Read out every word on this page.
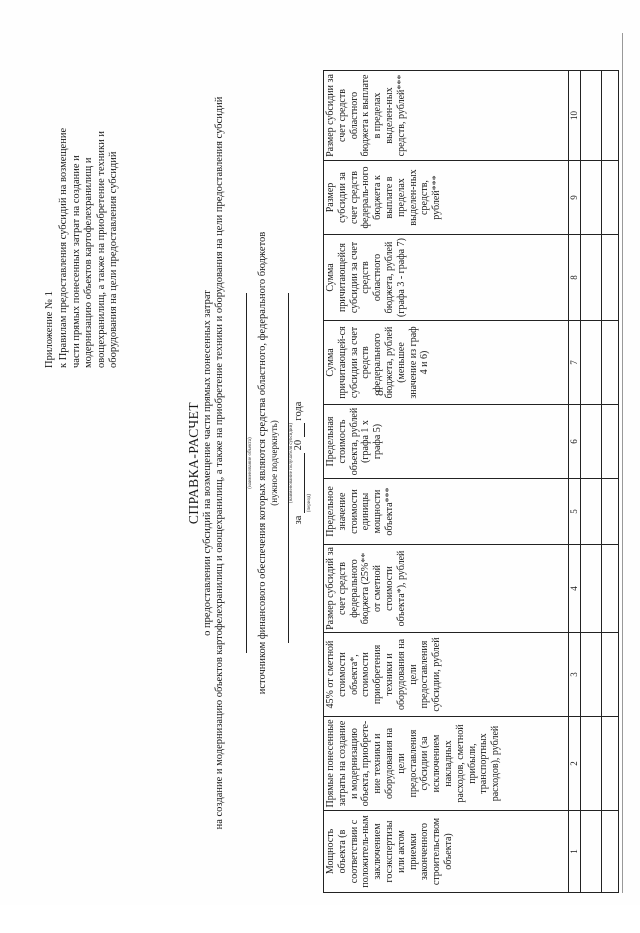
8
Приложение № 1 к Правилам предоставления субсидий на возмещение части прямых понесенных затрат на создание и модернизацию объектов картофелехранилищ и овощехранилищ, а также на приобретение техники и оборудования на цели предоставления субсидий
СПРАВКА-РАСЧЕТ о предоставлении субсидий на возмещение части прямых понесенных затрат на создание и модернизацию объектов картофелехранилищ и овощехранилищ, а также на приобретение техники и оборудования на цели предоставления субсидий	(наименование объекта) источником финансового обеспечения которых являются средства областного, федерального бюджетов (нужное подчеркнуть) (наименование получателя субсидии)
за   20   года
(период)
Мощность объекта (в соответствии с положитель-ным заключением госэкспертизы или актом приемки законченного строительством объекта)	Прямые понесенные затраты на создание и модернизацию объекта, приобрете-ние техники и оборудования на цели предоставления субсидии (за исключением накладных расходов, сметной прибыли, транспортных расходов), рублей	45% от сметной стоимости объекта*, стоимости приобретения техники и оборудования на цели предоставления субсидии, рублей	Размер субсидий за счет средств федерального бюджета (25%** от сметной стоимости объекта*), рублей	Предельное значение стоимости единицы мощности объекта***	Предельная стоимость объекта, рублей (графа 1 х графа 5)	Сумма причитающей-ся субсидии за счет средств федерального бюджета, рублей (меньшее значение из граф 4 и 6)	Сумма причитающейся субсидии за счет средств областного бюджета, рублей (графа 3 - графа 7)	Размер субсидии за счет средств федераль-ного бюджета к выплате в пределах выделен-ных средств, рублей***	Размер субсидии за счет средств областного бюджета к выплате в пределах выделен-ных средств, рублей***
1	2	3	4	5	6	7	8	9	10
